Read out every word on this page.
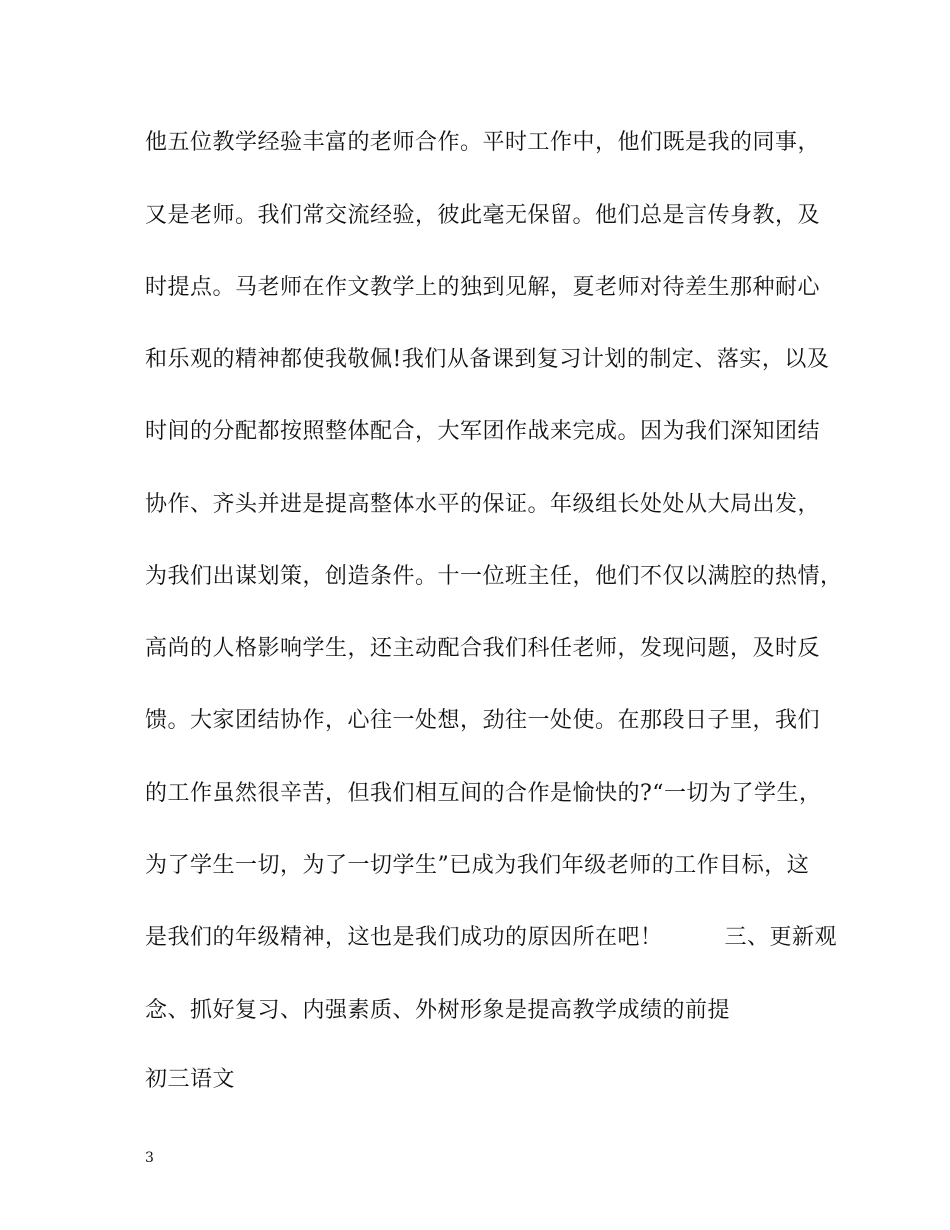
他五位教学经验丰富的老师合作。平时工作中，他们既是我的同事，
又是老师。我们常交流经验，彼此毫无保留。他们总是言传身教，及
时提点。马老师在作文教学上的独到见解，夏老师对待差生那种耐心
和乐观的精神都使我敬佩!我们从备课到复习计划的制定、落实，以及
时间的分配都按照整体配合，大军团作战来完成。因为我们深知团结
协作、齐头并进是提高整体水平的保证。年级组长处处从大局出发，
为我们出谋划策，创造条件。十一位班主任，他们不仅以满腔的热情，
高尚的人格影响学生，还主动配合我们科任老师，发现问题，及时反
馈。大家团结协作，心往一处想，劲往一处使。在那段日子里，我们
的工作虽然很辛苦，但我们相互间的合作是愉快的?“一切为了学生，
为了学生一切，为了一切学生”已成为我们年级老师的工作目标，这
是我们的年级精神，这也是我们成功的原因所在吧！	三、更新观
念、抓好复习、内强素质、外树形象是提高教学成绩的前提
初三语文
3
